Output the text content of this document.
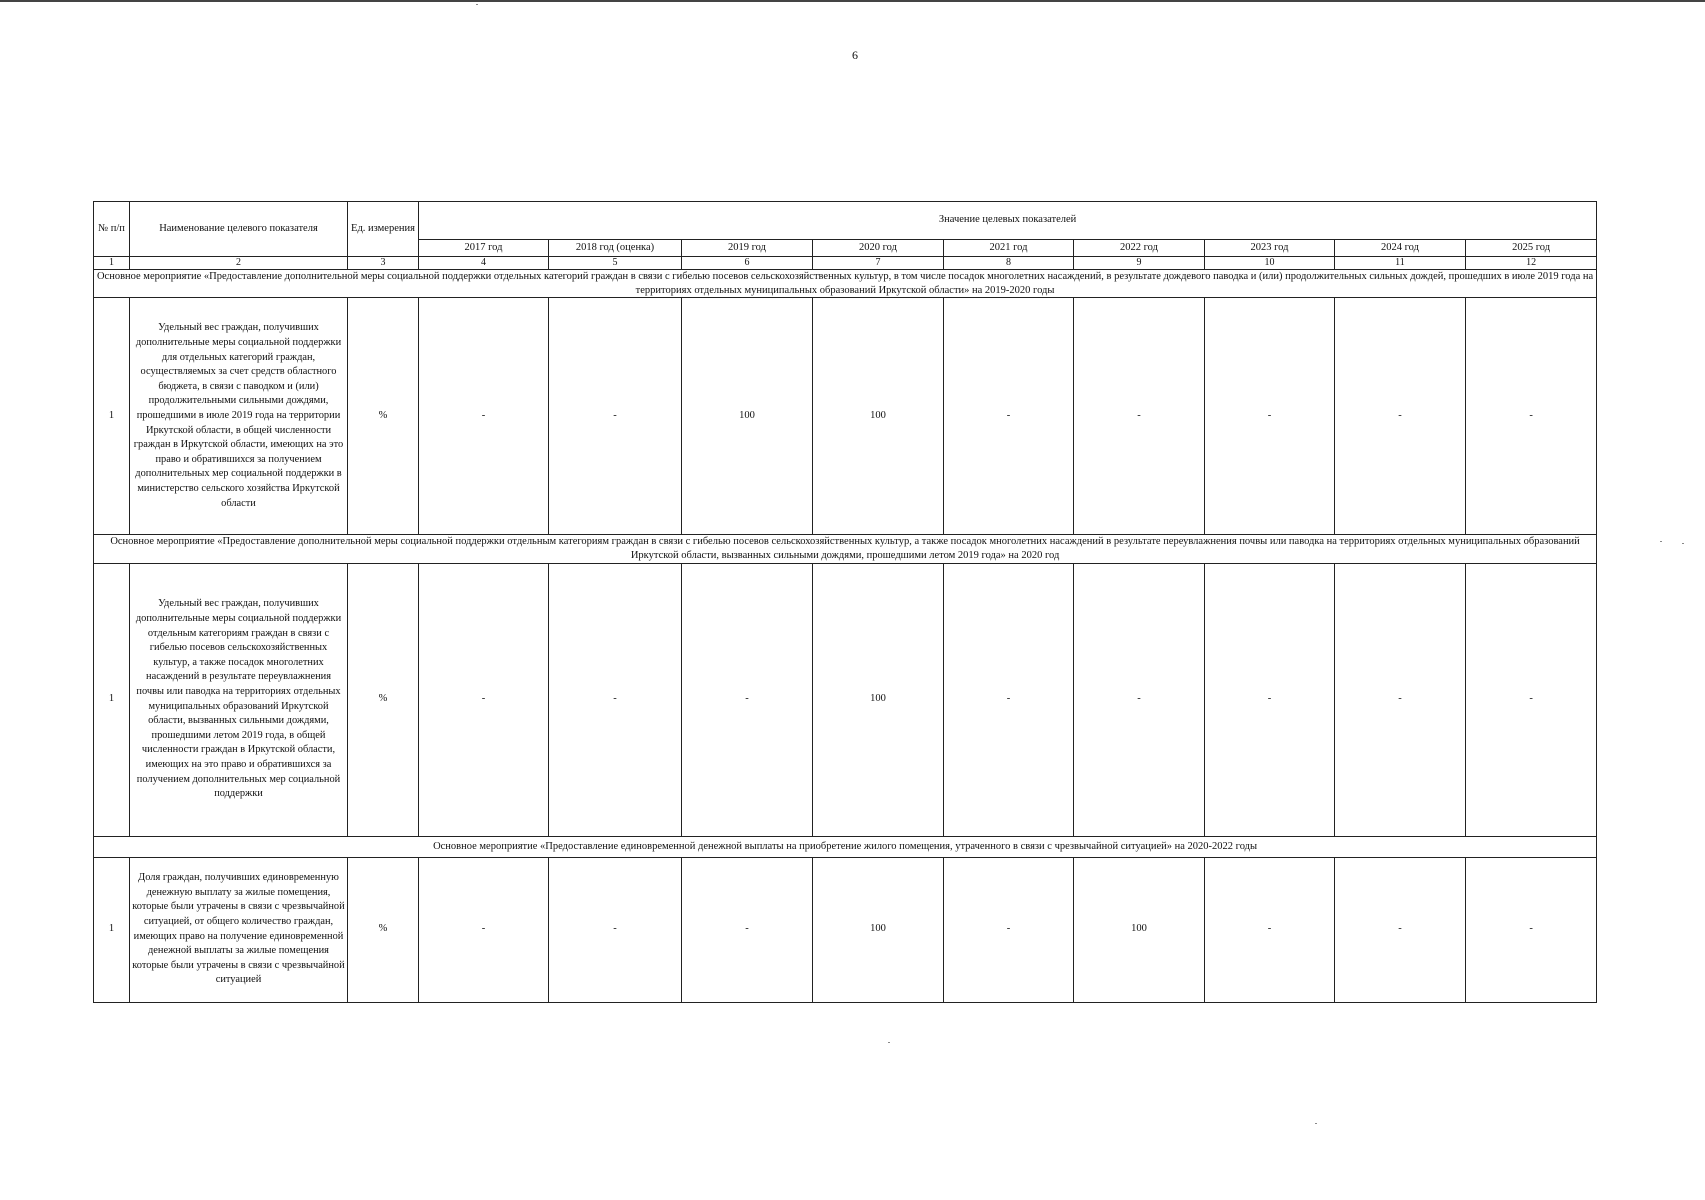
6
№ п/п	Наименование целевого показателя	Ед. измерения	Значение целевых показателей								
			2017 год	2018 год (оценка)	2019 год	2020 год	2021 год	2022 год	2023 год	2024 год	2025 год
1	2	3	4	5	6	7	8	9	10	11	12
Основное мероприятие «Предоставление дополнительной меры социальной поддержки отдельных категорий граждан в связи с гибелью посевов сельскохозяйственных культур, в том числе посадок многолетних насаждений, в результате дождевого паводка и (или) продолжительных сильных дождей, прошедших в июле 2019 года на территориях отдельных муниципальных образований Иркутской области» на 2019-2020 годы											
1	Удельный вес граждан, получивших дополнительные меры социальной поддержки для отдельных категорий граждан, осуществляемых за счет средств областного бюджета, в связи с паводком и (или) продолжительными сильными дождями, прошедшими в июле 2019 года на территории Иркутской области, в общей численности граждан в Иркутской области, имеющих на это право и обратившихся за получением дополнительных мер социальной поддержки в министерство сельского хозяйства Иркутской области	%	-	-	100	100	-	-	-	-	-
Основное мероприятие «Предоставление дополнительной меры социальной поддержки отдельным категориям граждан в связи с гибелью посевов сельскохозяйственных культур, а также посадок многолетних насаждений в результате переувлажнения почвы или паводка на территориях отдельных муниципальных образований Иркутской области, вызванных сильными дождями, прошедшими летом 2019 года» на 2020 год											
1	Удельный вес граждан, получивших дополнительные меры социальной поддержки отдельным категориям граждан в связи с гибелью посевов сельскохозяйственных культур, а также посадок многолетних насаждений в результате переувлажнения почвы или паводка на территориях отдельных муниципальных образований Иркутской области, вызванных сильными дождями, прошедшими летом 2019 года, в общей численности граждан в Иркутской области, имеющих на это право и обратившихся за получением дополнительных мер социальной поддержки	%	-	-	-	100	-	-	-	-	-
Основное мероприятие «Предоставление единовременной денежной выплаты на приобретение жилого помещения, утраченного в связи с чрезвычайной ситуацией» на 2020-2022 годы											
1	Доля граждан, получивших единовременную денежную выплату за жилые помещения, которые были утрачены в связи с чрезвычайной ситуацией, от общего количество граждан, имеющих право на получение единовременной денежной выплаты за жилые помещения которые были утрачены в связи с чрезвычайной ситуацией	%	-	-	-	100	-	100	-	-	-
